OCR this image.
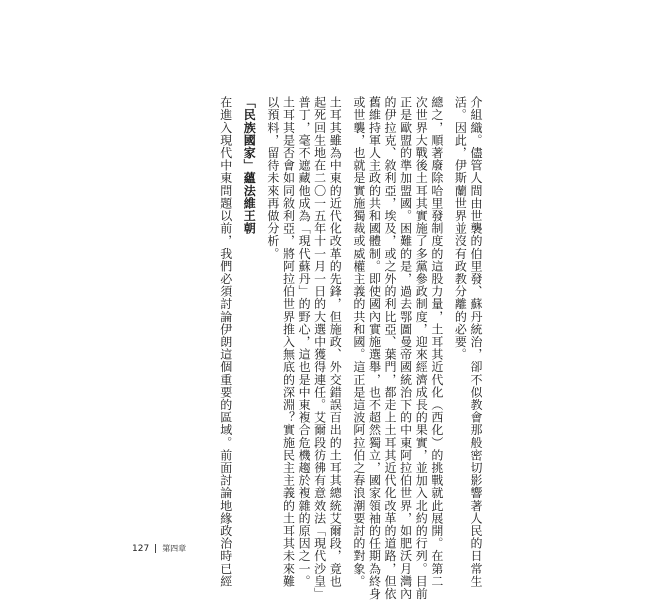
介組織。儘管人間由世襲的伯里發、蘇丹統治，卻不似教會那般密切影響著人民的日常生

活。因此，伊斯蘭世界並沒有政教分離的必要。

總之，順著廢除哈里發制度的這股力量，土耳其近代化（西化）的挑戰就此展開。在第二

次世界大戰後土耳其實施了多黨參政制度，迎來經濟成長的果實，並加入北約的行列。目前

正是歐盟的準加盟國。困難的是，過去鄂圖曼帝國統治下的中東阿拉伯世界，如肥沃月灣內

的伊拉克、敘利亞，埃及，或之外的利比亞、葉門，都走上土耳其近代化改革的道路，但依

舊維持軍人主政的共和國體制。即使國內實施選舉，也不超然獨立，國家領袖的任期為終身

或世襲，也就是實施獨裁或威權主義的共和國。這正是這波阿拉伯之春浪潮要討的對象。

土耳其雖為中東的近代化改革的先鋒，但施政、外交錯誤百出的土耳其總統艾爾段，竟也

起死回生地在二〇一五年十一月一日的大選中獲得連任。艾爾段彷彿有意效法「現代沙皇」

普丁，毫不遮藏他成為「現代蘇丹」的野心，這也是中東複合危機趨於複雜的原因之一。

土耳其是否會如同敘利亞，將阿拉伯世界推入無底的深淵？實施民主主義的土耳其未來難

以預料，留待未來再做分析。

「民族國家」蘊法維王朝

在進入現代中東問題以前，我們必須討論伊朗這個重要的區域。前面討論地緣政治時已經

127 第四章
